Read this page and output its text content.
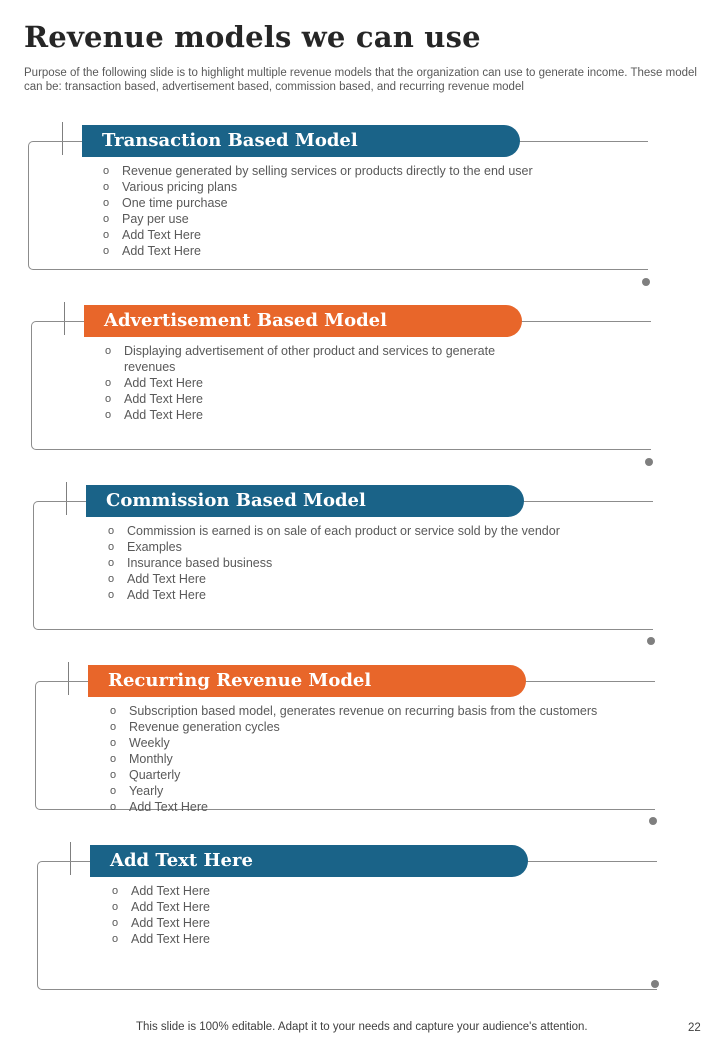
Revenue models we can use
Purpose of the following slide is to highlight multiple revenue models that the organization can use to generate income. These model can be: transaction based, advertisement based, commission based, and recurring revenue model
Transaction Based Model
o Revenue generated by selling services or products directly to the end user
o Various pricing plans
o One time purchase
o Pay per use
o Add Text Here
o Add Text Here
Advertisement Based Model
o Displaying advertisement of other product and services to generate revenues
o Add Text Here
o Add Text Here
o Add Text Here
Commission Based Model
o Commission is earned is on sale of each product or service sold by the vendor
o Examples
o Insurance based business
o Add Text Here
o Add Text Here
Recurring Revenue Model
o Subscription based model, generates revenue on recurring basis from the customers
o Revenue generation cycles
o Weekly
o Monthly
o Quarterly
o Yearly
o Add Text Here
Add Text Here
o Add Text Here
o Add Text Here
o Add Text Here
o Add Text Here
This slide is 100% editable. Adapt it to your needs and capture your audience's attention.	22
